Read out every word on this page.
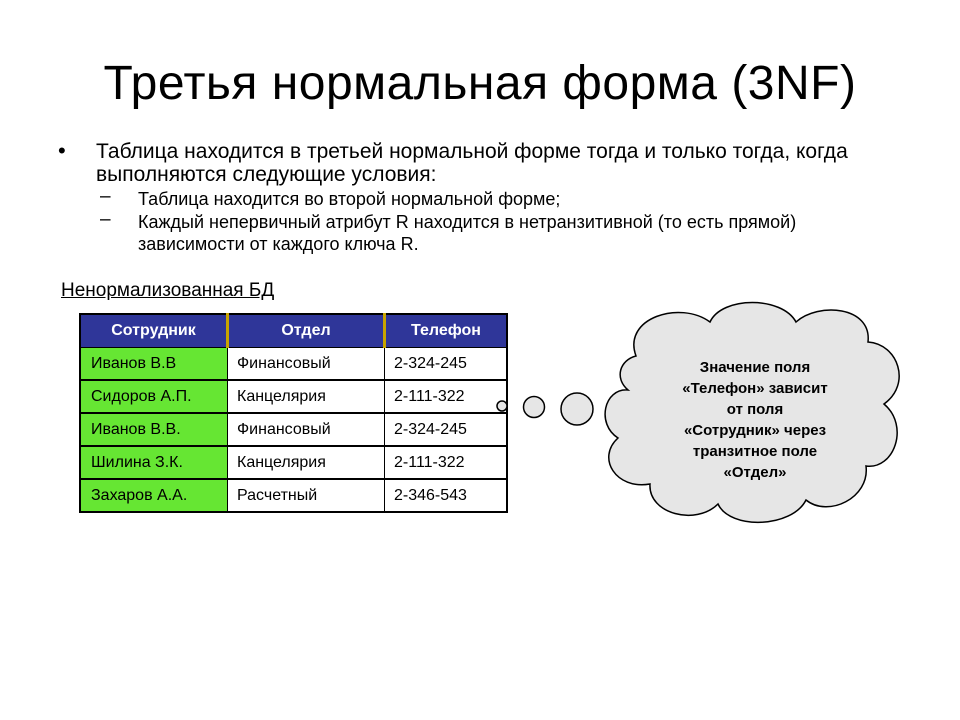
Третья нормальная форма (3NF)
• Таблица находится в третьей нормальной форме тогда и только тогда, когда выполняются следующие условия:
– Таблица находится во второй нормальной форме;
– Каждый непервичный атрибут R находится в нетранзитивной (то есть прямой) зависимости от каждого ключа R.
Ненормализованная БД
Сотрудник	Отдел	Телефон
Иванов В.В	Финансовый	2-324-245
Сидоров А.П.	Канцелярия	2-111-322
Иванов В.В.	Финансовый	2-324-245
Шилина З.К.	Канцелярия	2-111-322
Захаров А.А.	Расчетный	2-346-543
Значение поля
«Телефон» зависит
от поля
«Сотрудник» через
транзитное поле
«Отдел»
